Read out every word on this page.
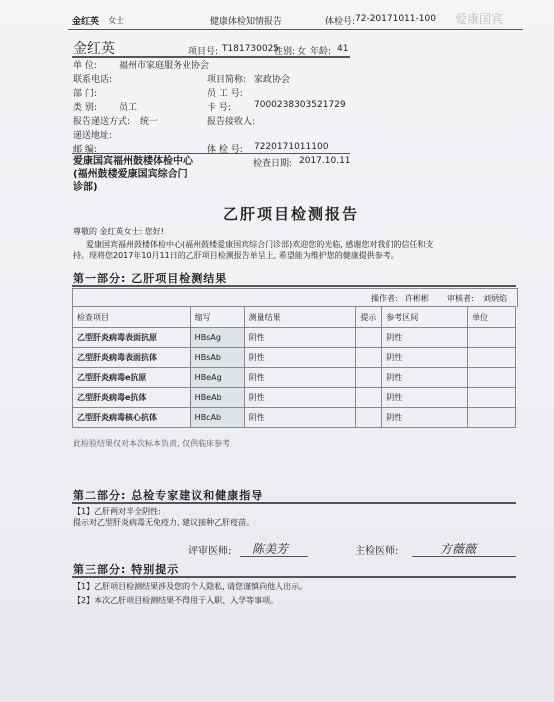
金红英 女士	健康体检知情报告	体检号: 72-20171011-100 爱康国宾
金红英	项目号: T181730025
性别: 女 年龄: 41
单 位: 福州市家庭服务业协会
联系电话:	项目简称: 家政协会
部 门:	员 工 号:
类 别: 员工	卡 号:	7000238303521729
报告递送方式: 统一	报告接收人:
递送地址:
邮 编:	体 检 号: 7220171011100
爱康国宾福州鼓楼体检中心
(福州鼓楼爱康国宾综合门
诊部)
检查日期: 2017.10.11
乙肝项目检测报告
尊敬的 金红英女士: 您好!
爱康国宾福州鼓楼体检中心(福州鼓楼爱康国宾综合门诊部)欢迎您的光临, 感谢您对我们的信任和支
持。现将您2017年10月11日的乙肝项目检测报告单呈上, 希望能为维护您的健康提供参考。
第一部分: 乙肝项目检测结果
操作者: 许彬彬 审核者: 刘炳焰
检查项目	缩写	测量结果	提示	参考区间	单位
乙型肝炎病毒表面抗原	HBsAg	阴性		阴性	
乙型肝炎病毒表面抗体	HBsAb	阴性		阴性	
乙型肝炎病毒e抗原	HBeAg	阴性		阴性	
乙型肝炎病毒e抗体	HBeAb	阴性		阴性	
乙型肝炎病毒核心抗体	HBcAb	阴性		阴性	
此检验结果仅对本次标本负责, 仅供临床参考
第二部分: 总检专家建议和健康指导
【1】乙肝两对半全阴性:
提示对乙型肝炎病毒无免疫力, 建议接种乙肝疫苗。
评审医师: 陈美芳	主检医师:	方薇薇
第三部分: 特别提示
【1】乙肝项目检测结果涉及您的个人隐私, 请您谨慎向他人出示。
【2】本次乙肝项目检测结果不得用于入职、入学等事项。
